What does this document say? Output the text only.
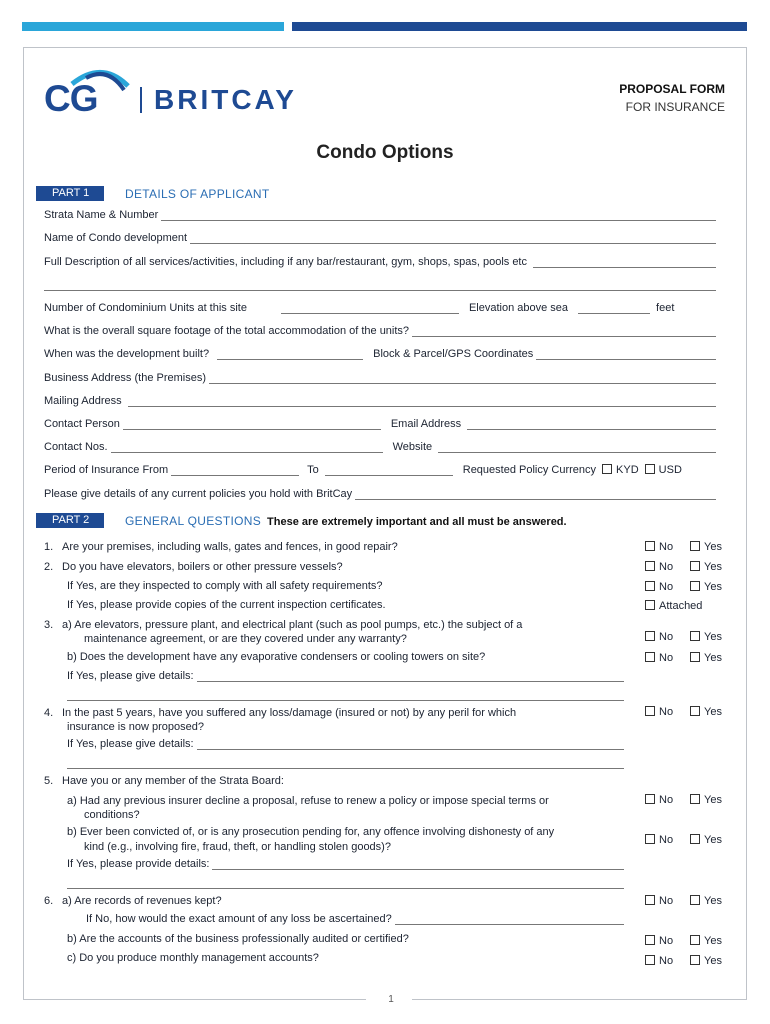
1
CG BRITCAY	PROPOSAL FORM
FOR INSURANCE
Condo Options
PART 1	DETAILS OF APPLICANT
Strata Name & Number
Name of Condo development
Full Description of all services/activities, including if any bar/restaurant, gym, shops, spas, pools etc
Number of Condominium Units at this site	Elevation above sea	feet
What is the overall square footage of the total accommodation of the units?
When was the development built?	Block & Parcel/GPS Coordinates
Business Address (the Premises)
Mailing Address
Contact Person	Email Address
Contact Nos.	Website
Period of Insurance From	To	Requested Policy Currency	KYD	USD
Please give details of any current policies you hold with BritCay
PART 2	GENERAL QUESTIONS These are extremely important and all must be answered.
1. Are your premises, including walls, gates and fences, in good repair?	No	Yes
2. Do you have elevators, boilers or other pressure vessels?	No	Yes
If Yes, are they inspected to comply with all safety requirements?	No	Yes
If Yes, please provide copies of the current inspection certificates.	Attached
3. a) Are elevators, pressure plant, and electrical plant (such as pool pumps, etc.) the subject of a
maintenance agreement, or are they covered under any warranty?	No	Yes
b) Does the development have any evaporative condensers or cooling towers on site?	No	Yes
If Yes, please give details:
4. In the past 5 years, have you suffered any loss/damage (insured or not) by any peril for which
insurance is now proposed?
No	Yes
If Yes, please give details:
5. Have you or any member of the Strata Board:
a) Had any previous insurer decline a proposal, refuse to renew a policy or impose special terms or
conditions?
No	Yes
b) Ever been convicted of, or is any prosecution pending for, any offence involving dishonesty of any
kind (e.g., involving fire, fraud, theft, or handling stolen goods)?
No	Yes
If Yes, please provide details:
6. a) Are records of revenues kept?	No	Yes
If No, how would the exact amount of any loss be ascertained?
b) Are the accounts of the business professionally audited or certified?	No	Yes
c) Do you produce monthly management accounts?	No	Yes
